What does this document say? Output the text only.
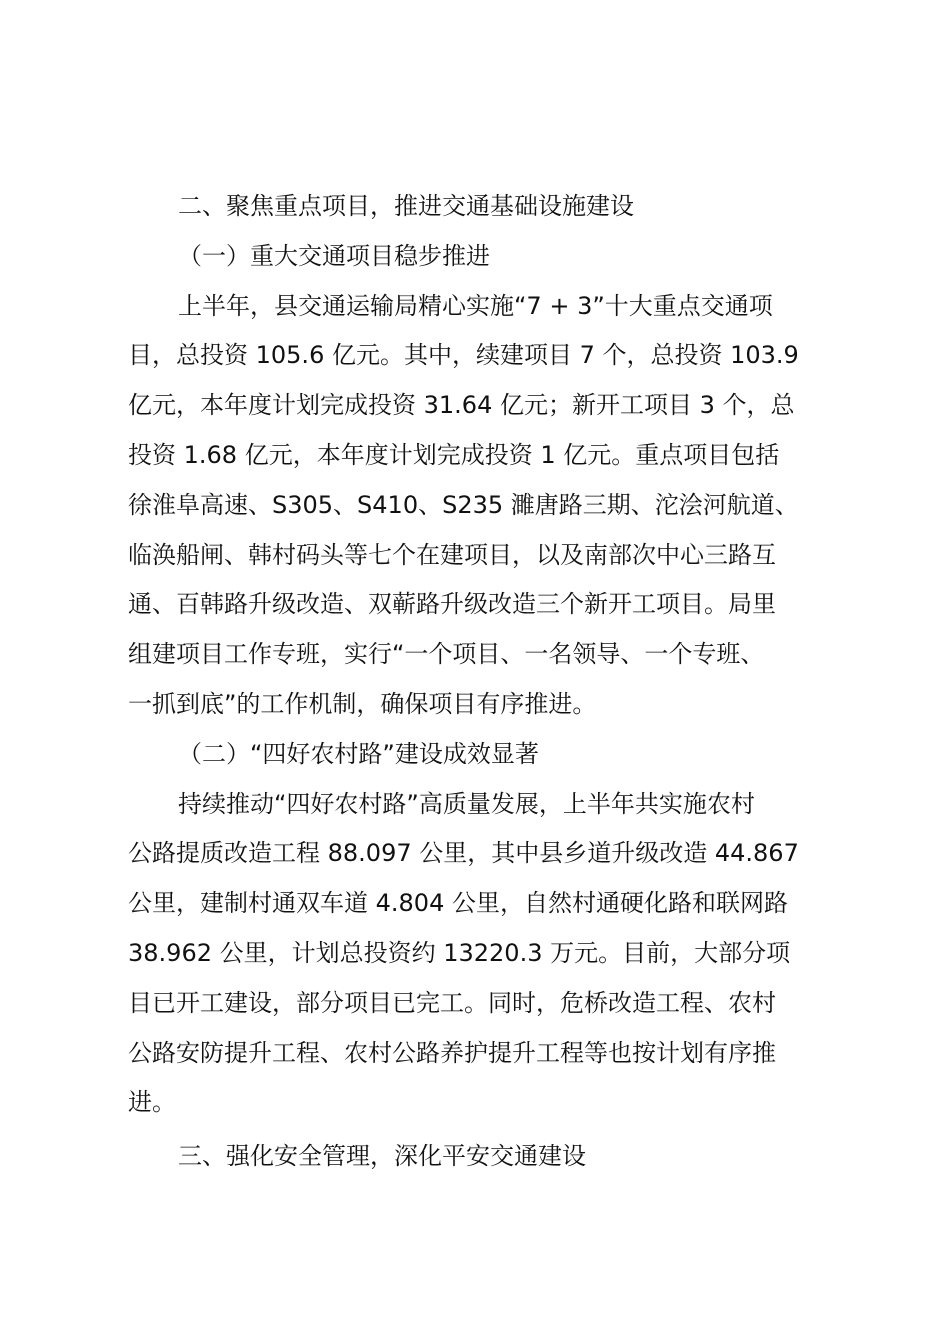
二、聚焦重点项目，推进交通基础设施建设
（一）重大交通项目稳步推进
上半年，县交通运输局精心实施“7 + 3”十大重点交通项
目，总投资 105.6 亿元。其中，续建项目 7 个，总投资 103.9
亿元，本年度计划完成投资 31.64 亿元；新开工项目 3 个，总
投资 1.68 亿元，本年度计划完成投资 1 亿元。重点项目包括
徐淮阜高速、S305、S410、S235 濉唐路三期、沱浍河航道、
临涣船闸、韩村码头等七个在建项目，以及南部次中心三路互
通、百韩路升级改造、双蕲路升级改造三个新开工项目。局里
组建项目工作专班，实行“一个项目、一名领导、一个专班、
一抓到底”的工作机制，确保项目有序推进。
（二）“四好农村路”建设成效显著
持续推动“四好农村路”高质量发展，上半年共实施农村
公路提质改造工程 88.097 公里，其中县乡道升级改造 44.867
公里，建制村通双车道 4.804 公里，自然村通硬化路和联网路
38.962 公里，计划总投资约 13220.3 万元。目前，大部分项
目已开工建设，部分项目已完工。同时，危桥改造工程、农村
公路安防提升工程、农村公路养护提升工程等也按计划有序推
进。
三、强化安全管理，深化平安交通建设
